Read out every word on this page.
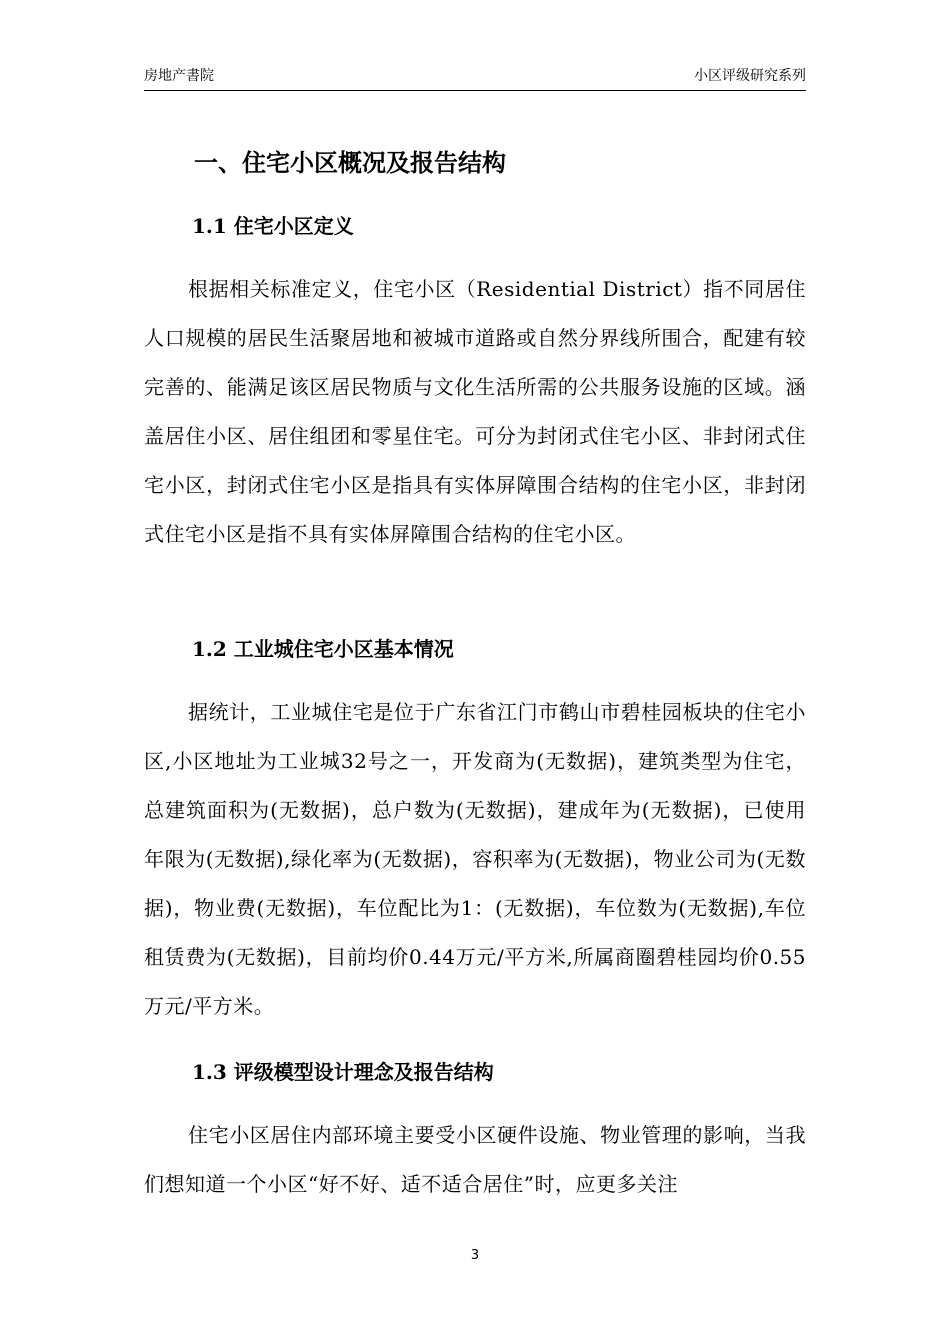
房地产書院	小区评级研究系列
一、住宅小区概况及报告结构
1.1 住宅小区定义
根据相关标准定义，住宅小区（Residential District）指不同居住人口规模的居民生活聚居地和被城市道路或自然分界线所围合，配建有较完善的、能满足该区居民物质与文化生活所需的公共服务设施的区域。涵盖居住小区、居住组团和零星住宅。可分为封闭式住宅小区、非封闭式住宅小区，封闭式住宅小区是指具有实体屏障围合结构的住宅小区，非封闭式住宅小区是指不具有实体屏障围合结构的住宅小区。
1.2 工业城住宅小区基本情况
据统计，工业城住宅是位于广东省江门市鹤山市碧桂园板块的住宅小区,小区地址为工业城32号之一，开发商为(无数据)，建筑类型为住宅，总建筑面积为(无数据)，总户数为(无数据)，建成年为(无数据)，已使用年限为(无数据),绿化率为(无数据)，容积率为(无数据)，物业公司为(无数据)，物业费(无数据)，车位配比为1：(无数据)，车位数为(无数据),车位租赁费为(无数据)，目前均价0.44万元/平方米,所属商圈碧桂园均价0.55万元/平方米。
1.3 评级模型设计理念及报告结构
住宅小区居住内部环境主要受小区硬件设施、物业管理的影响，当我们想知道一个小区“好不好、适不适合居住”时，应更多关注
3
